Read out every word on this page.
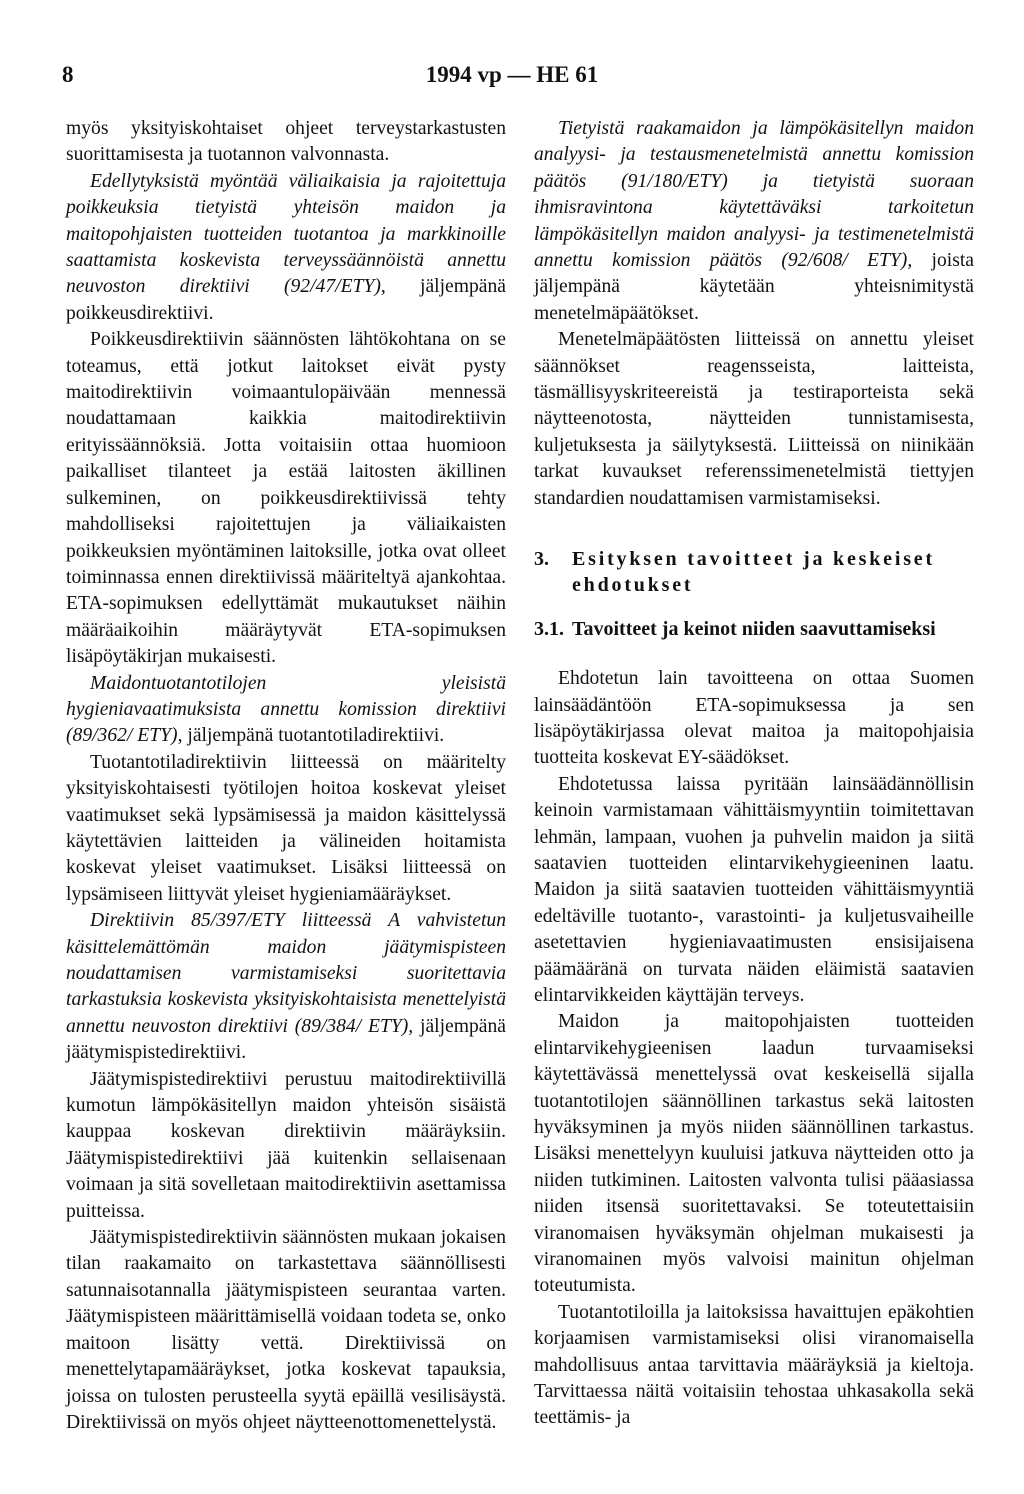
8	1994 vp — HE 61

myös yksityiskohtaiset ohjeet terveystarkastusten suorittamisesta ja tuotannon valvonnasta.

Edellytyksistä myöntää väliaikaisia ja rajoitettuja poikkeuksia tietyistä yhteisön maidon ja maitopohjaisten tuotteiden tuotantoa ja markkinoille saattamista koskevista terveyssäännöistä annettu neuvoston direktiivi (92/47/ETY), jäljempänä poikkeusdirektiivi.

Poikkeusdirektiivin säännösten lähtökohtana on se toteamus, että jotkut laitokset eivät pysty maitodirektiivin voimaantulopäivään mennessä noudattamaan kaikkia maitodirektiivin erityissäännöksiä. Jotta voitaisiin ottaa huomioon paikalliset tilanteet ja estää laitosten äkillinen sulkeminen, on poikkeusdirektiivissä tehty mahdolliseksi rajoitettujen ja väliaikaisten poikkeuksien myöntäminen laitoksille, jotka ovat olleet toiminnassa ennen direktiivissä määriteltyä ajankohtaa. ETA-sopimuksen edellyttämät mukautukset näihin määräaikoihin määräytyvät ETA-sopimuksen lisäpöytäkirjan mukaisesti.

Maidontuotantotilojen yleisistä hygieniavaatimuksista annettu komission direktiivi (89/362/ ETY), jäljempänä tuotantotiladirektiivi.

Tuotantotiladirektiivin liitteessä on määritelty yksityiskohtaisesti työtilojen hoitoa koskevat yleiset vaatimukset sekä lypsämisessä ja maidon käsittelyssä käytettävien laitteiden ja välineiden hoitamista koskevat yleiset vaatimukset. Lisäksi liitteessä on lypsämiseen liittyvät yleiset hygieniamääräykset.

Direktiivin 85/397/ETY liitteessä A vahvistetun käsittelemättömän maidon jäätymispisteen noudattamisen varmistamiseksi suoritettavia tarkastuksia koskevista yksityiskohtaisista menettelyistä annettu neuvoston direktiivi (89/384/ ETY), jäljempänä jäätymispistedirektiivi.

Jäätymispistedirektiivi perustuu maitodirektiivillä kumotun lämpökäsitellyn maidon yhteisön sisäistä kauppaa koskevan direktiivin määräyksiin. Jäätymispistedirektiivi jää kuitenkin sellaisenaan voimaan ja sitä sovelletaan maitodirektiivin asettamissa puitteissa.

Jäätymispistedirektiivin säännösten mukaan jokaisen tilan raakamaito on tarkastettava säännöllisesti satunnaisotannalla jäätymispisteen seurantaa varten. Jäätymispisteen määrittämisellä voidaan todeta se, onko maitoon lisätty vettä. Direktiivissä on menettelytapamääräykset, jotka koskevat tapauksia, joissa on tulosten perusteella syytä epäillä vesilisäystä. Direktiivissä on myös ohjeet näytteenottomenettelystä.

Tietyistä raakamaidon ja lämpökäsitellyn maidon analyysi- ja testausmenetelmistä annettu komission päätös (91/180/ETY) ja tietyistä suoraan ihmisravintona käytettäväksi tarkoitetun lämpökäsitellyn maidon analyysi- ja testimenetelmistä annettu komission päätös (92/608/ ETY), joista jäljempänä käytetään yhteisnimitystä menetelmäpäätökset.

Menetelmäpäätösten liitteissä on annettu yleiset säännökset reagensseista, laitteista, täsmällisyyskriteereistä ja testiraporteista sekä näytteenotosta, näytteiden tunnistamisesta, kuljetuksesta ja säilytyksestä. Liitteissä on niinikään tarkat kuvaukset referenssimenetelmistä tiettyjen standardien noudattamisen varmistamiseksi.

3.	Esityksen tavoitteet ja keskeiset ehdotukset
3.1. Tavoitteet ja keinot niiden saavuttamiseksi

Ehdotetun lain tavoitteena on ottaa Suomen lainsäädäntöön ETA-sopimuksessa ja sen lisäpöytäkirjassa olevat maitoa ja maitopohjaisia tuotteita koskevat EY-säädökset.

Ehdotetussa laissa pyritään lainsäädännöllisin keinoin varmistamaan vähittäismyyntiin toimitettavan lehmän, lampaan, vuohen ja puhvelin maidon ja siitä saatavien tuotteiden elintarvikehygieeninen laatu. Maidon ja siitä saatavien tuotteiden vähittäismyyntiä edeltäville tuotanto-, varastointi- ja kuljetusvaiheille asetettavien hygieniavaatimusten ensisijaisena päämääränä on turvata näiden eläimistä saatavien elintarvikkeiden käyttäjän terveys.

Maidon ja maitopohjaisten tuotteiden elintarvikehygieenisen laadun turvaamiseksi käytettävässä menettelyssä ovat keskeisellä sijalla tuotantotilojen säännöllinen tarkastus sekä laitosten hyväksyminen ja myös niiden säännöllinen tarkastus. Lisäksi menettelyyn kuuluisi jatkuva näytteiden otto ja niiden tutkiminen. Laitosten valvonta tulisi pääasiassa niiden itsensä suoritettavaksi. Se toteutettaisiin viranomaisen hyväksymän ohjelman mukaisesti ja viranomainen myös valvoisi mainitun ohjelman toteutumista.

Tuotantotiloilla ja laitoksissa havaittujen epäkohtien korjaamisen varmistamiseksi olisi viranomaisella mahdollisuus antaa tarvittavia määräyksiä ja kieltoja. Tarvittaessa näitä voitaisiin tehostaa uhkasakolla sekä teettämis- ja
